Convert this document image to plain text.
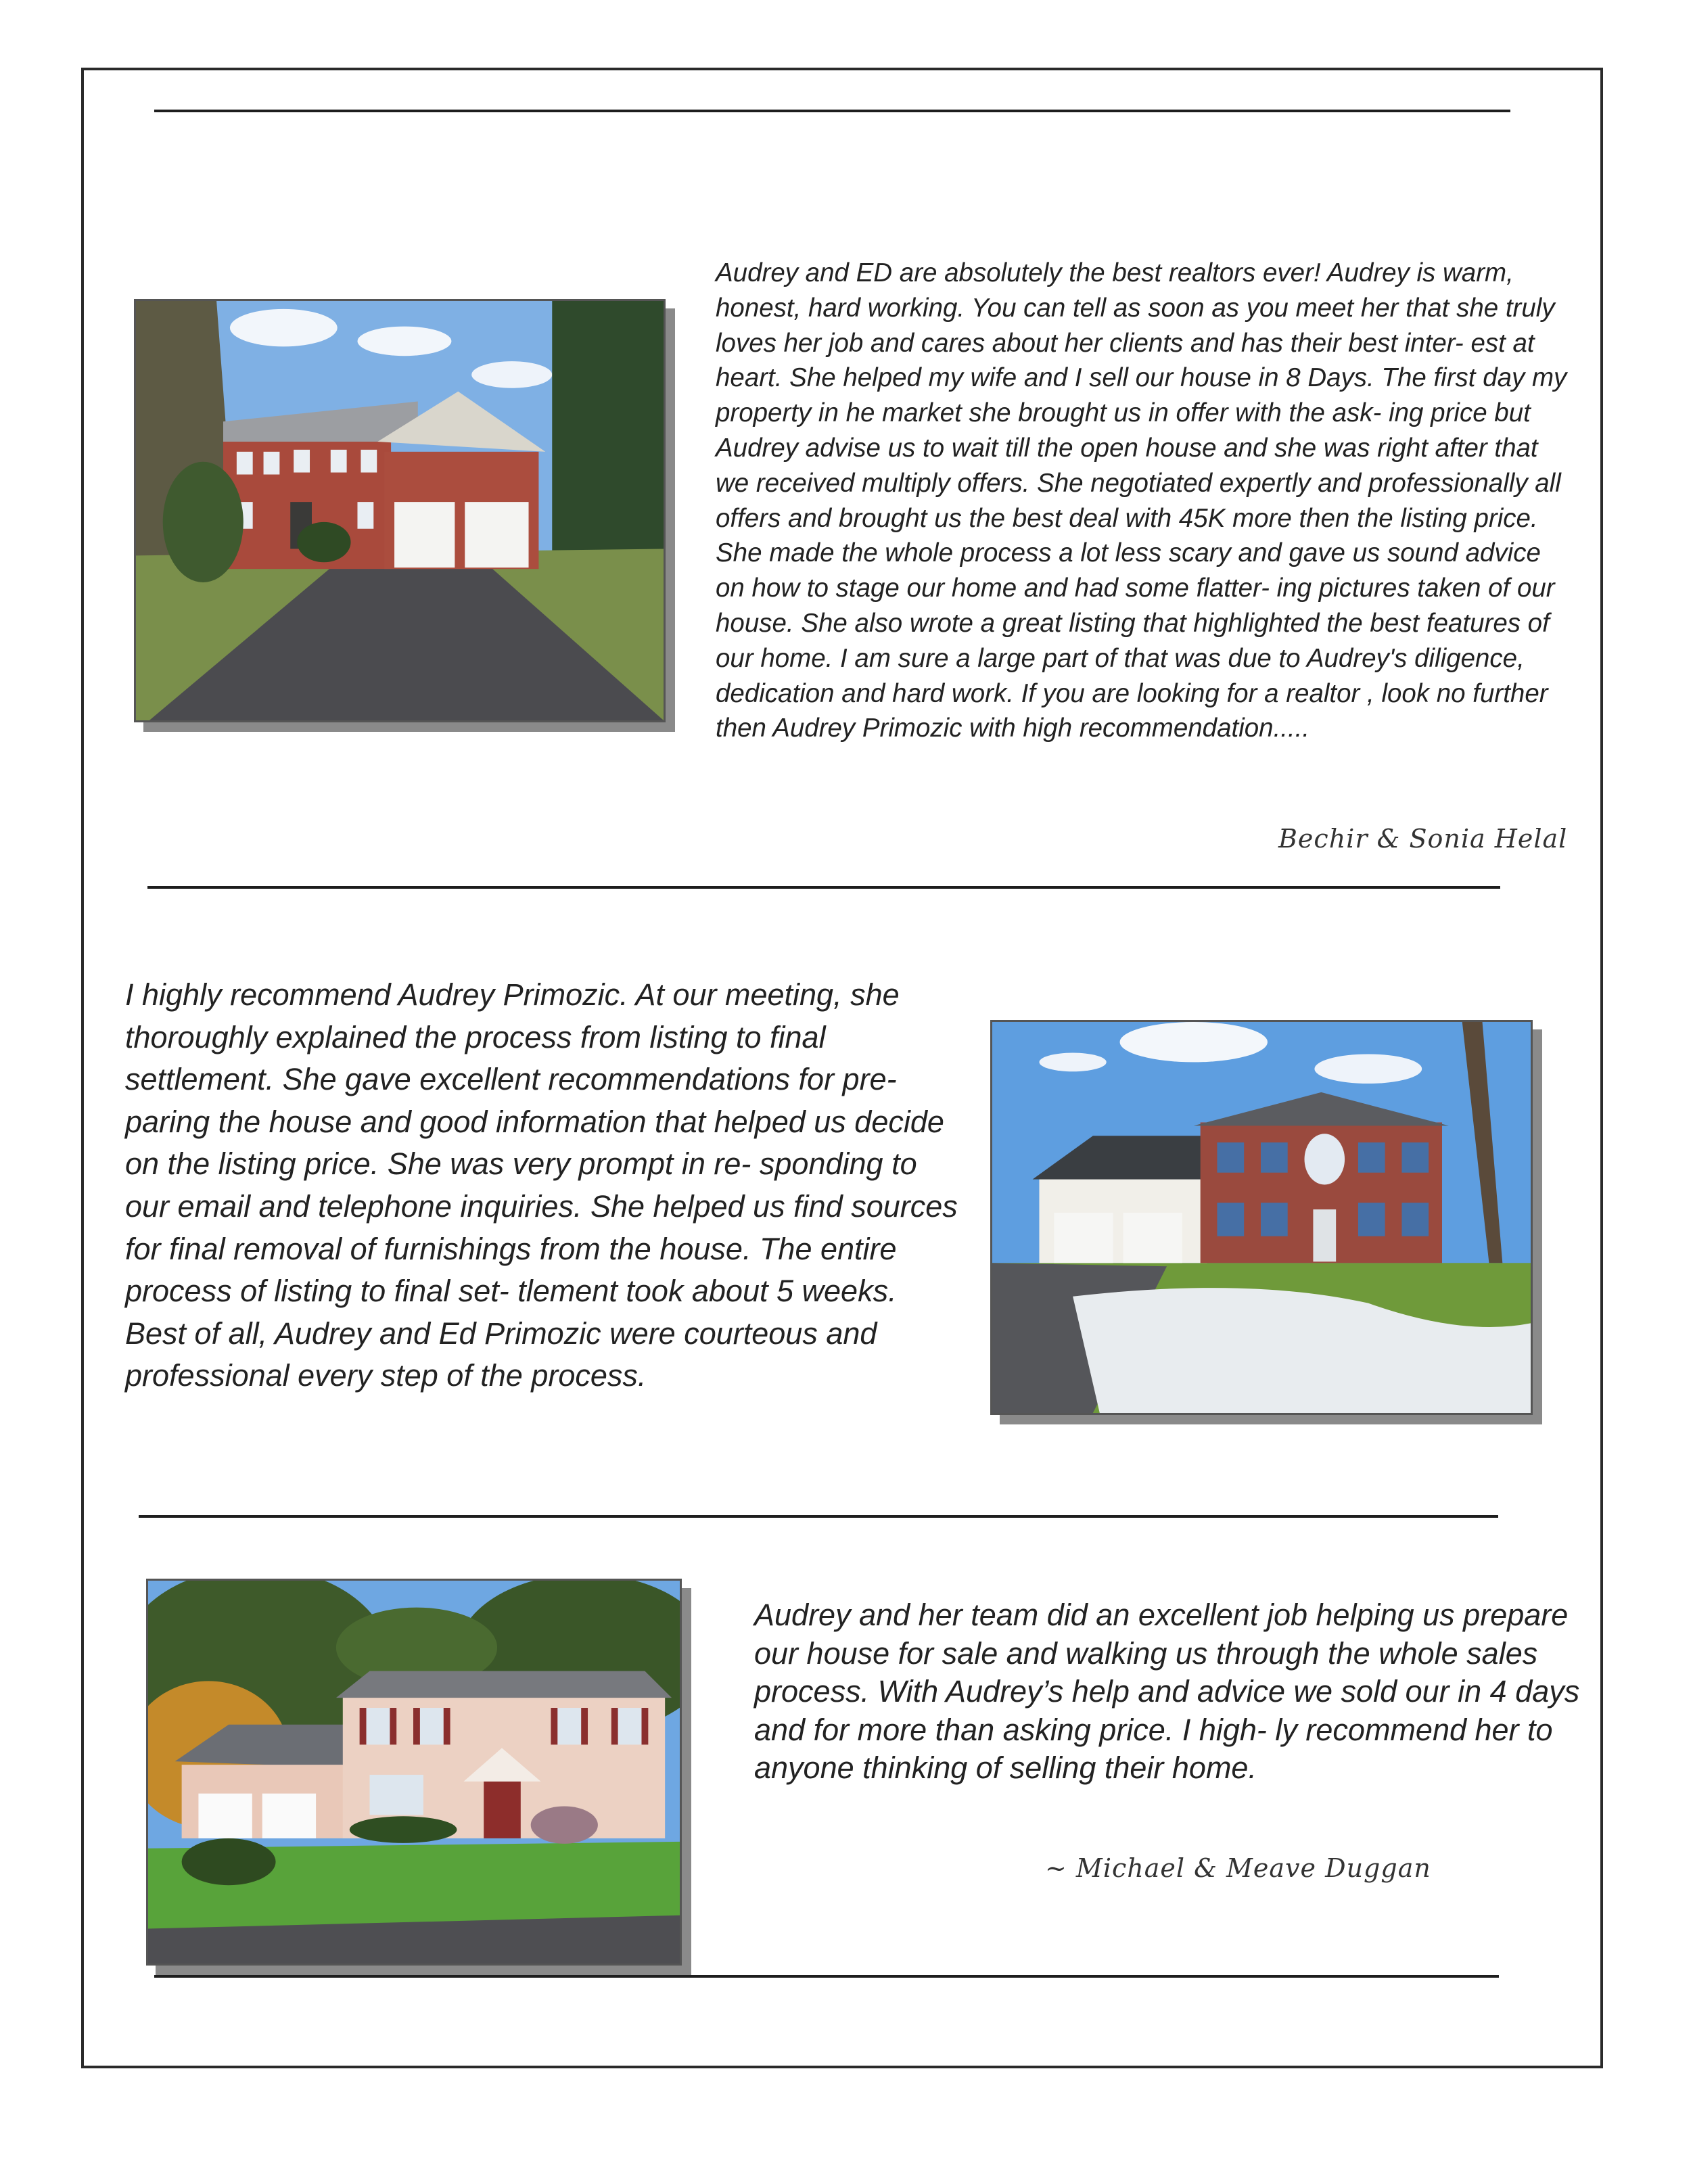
Audrey and ED are absolutely the best realtors ever! Audrey is warm, honest, hard working. You can tell as soon as you meet her that she truly loves her job and cares about her clients and has their best inter- est at heart. She helped my wife and I sell our house in 8 Days. The first day my property in he market she brought us in offer with the ask- ing price but Audrey advise us to wait till the open house and she was right after that we received multiply offers. She negotiated expertly and professionally all offers and brought us the best deal with 45K more then the listing price. She made the whole process a lot less scary and gave us sound advice on how to stage our home and had some flatter- ing pictures taken of our house. She also wrote a great listing that highlighted the best features of our home. I am sure a large part of that was due to Audrey's diligence, dedication and hard work. If you are looking for a realtor , look no further then Audrey Primozic with high recommendation.....

Bechir & Sonia Helal

I highly recommend Audrey Primozic. At our meeting, she thoroughly explained the process from listing to final settlement. She gave excellent recommendations for pre- paring the house and good information that helped us decide on the listing price. She was very prompt in re- sponding to our email and telephone inquiries. She helped us find sources for final removal of furnishings from the house. The entire process of listing to final set- tlement took about 5 weeks. Best of all, Audrey and Ed Primozic were courteous and professional every step of the process.

Audrey and her team did an excellent job helping us prepare our house for sale and walking us through the whole sales process. With Audrey’s help and advice we sold our in 4 days and for more than asking price. I high- ly recommend her to anyone thinking of selling their home.

~ Michael & Meave Duggan
